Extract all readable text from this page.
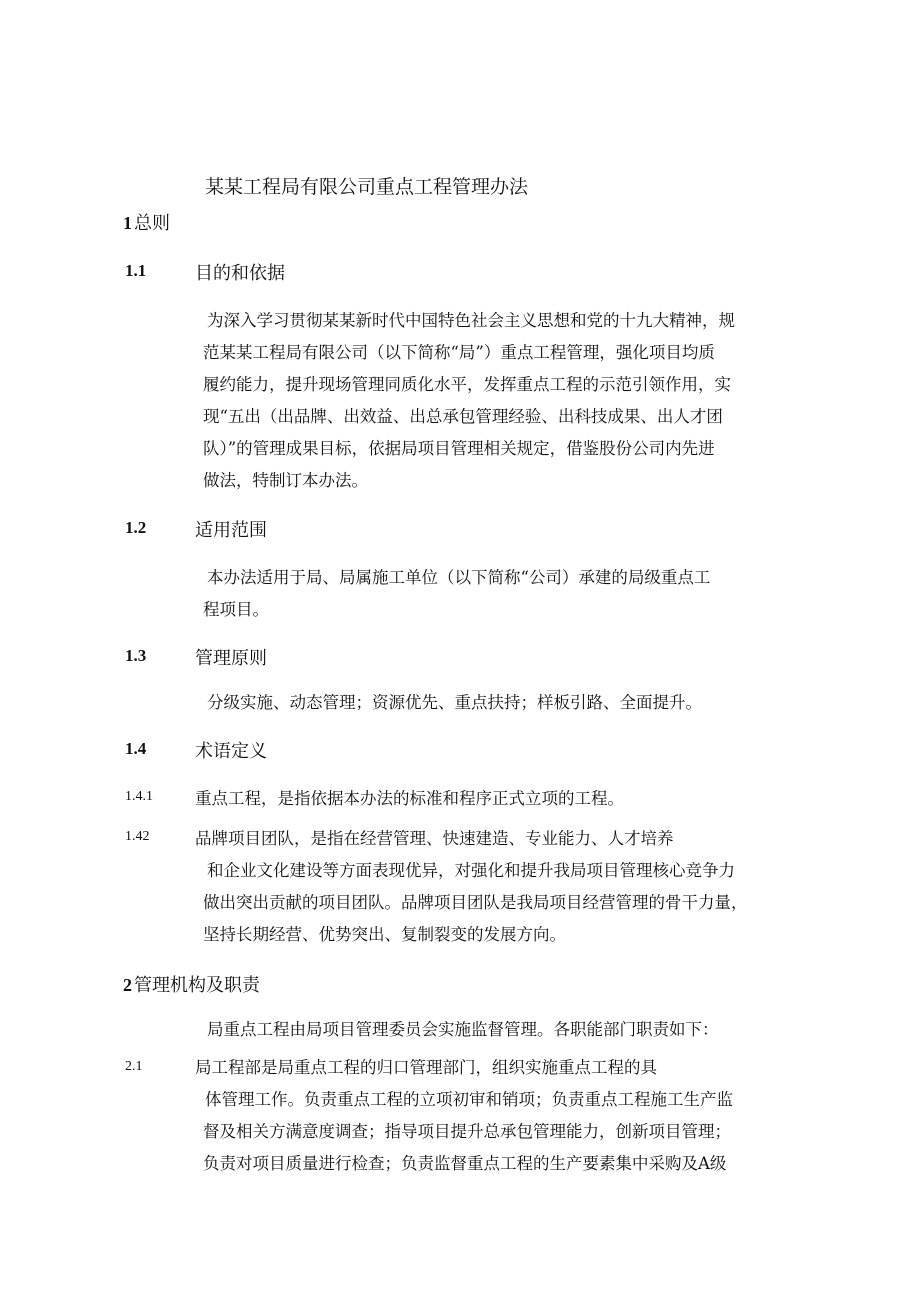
某某工程局有限公司重点工程管理办法
1 总则
1.1	目的和依据
为深入学习贯彻某某新时代中国特色社会主义思想和党的十九大精神，规
范某某工程局有限公司（以下简称“局”）重点工程管理，强化项目均质
履约能力，提升现场管理同质化水平，发挥重点工程的示范引领作用，实
现“五出（出品牌、出效益、出总承包管理经验、出科技成果、出人才团
队）”的管理成果目标，依据局项目管理相关规定，借鉴股份公司内先进
做法，特制订本办法。
1.2	适用范围
本办法适用于局、局属施工单位（以下简称“公司）承建的局级重点工
程项目。
1.3	管理原则
分级实施、动态管理；资源优先、重点扶持；样板引路、全面提升。
1.4	术语定义
1.4.1	重点工程，是指依据本办法的标准和程序正式立项的工程。
1.42	品牌项目团队，是指在经营管理、快速建造、专业能力、人才培养
和企业文化建设等方面表现优异，对强化和提升我局项目管理核心竞争力
做出突出贡献的项目团队。品牌项目团队是我局项目经营管理的骨干力量，
坚持长期经营、优势突出、复制裂变的发展方向。
2 管理机构及职责
局重点工程由局项目管理委员会实施监督管理。各职能部门职责如下：
2.1	局工程部是局重点工程的归口管理部门，组织实施重点工程的具
体管理工作。负责重点工程的立项初审和销项；负责重点工程施工生产监
督及相关方满意度调查；指导项目提升总承包管理能力，创新项目管理；
负责对项目质量进行检查；负责监督重点工程的生产要素集中采购及A级
